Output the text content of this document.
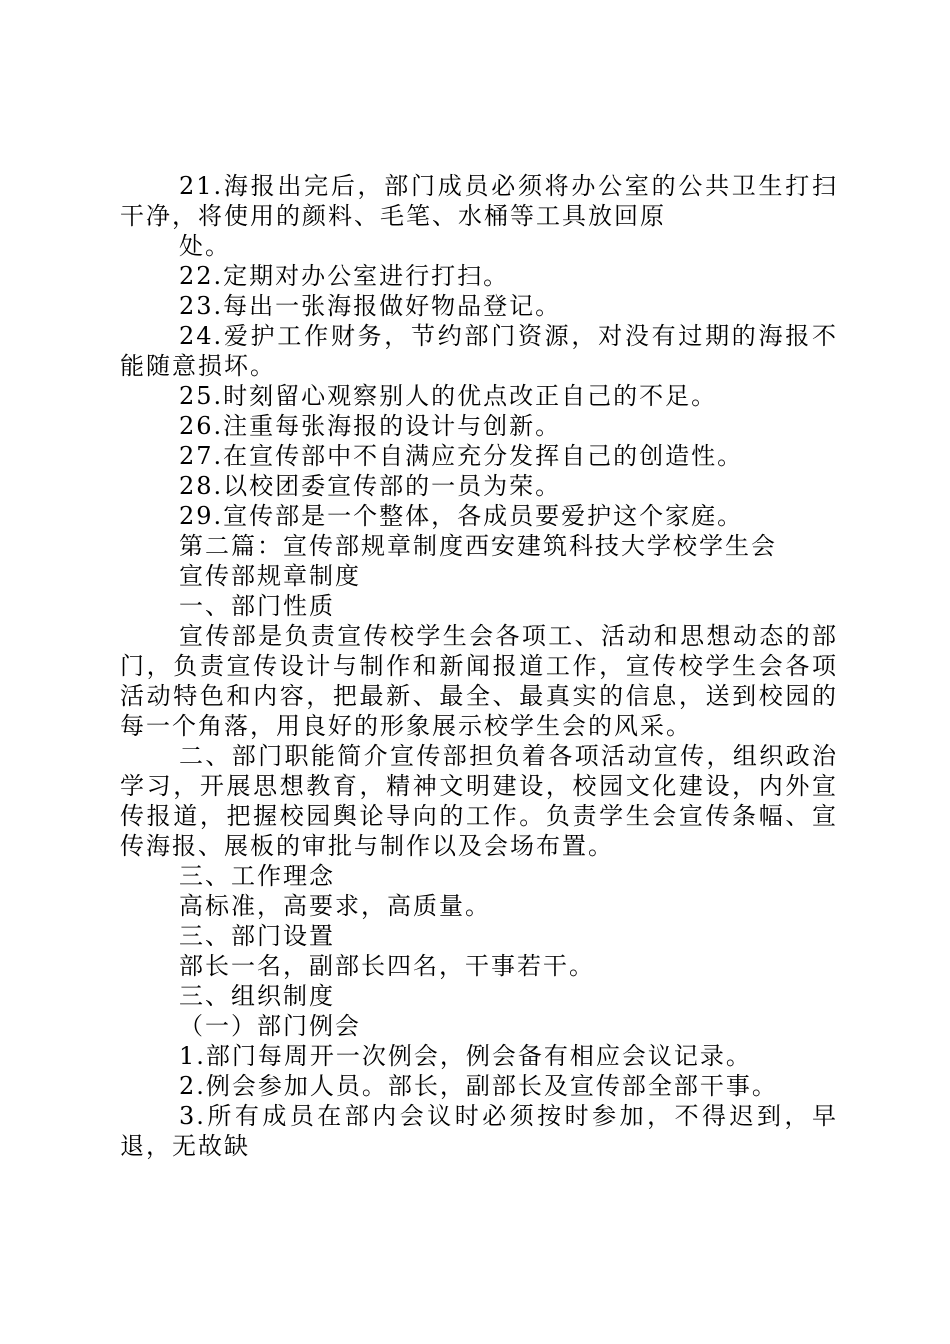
21.海报出完后，部门成员必须将办公室的公共卫生打扫干净，将使用的颜料、毛笔、水桶等工具放回原

处。

22.定期对办公室进行打扫。

23.每出一张海报做好物品登记。

24.爱护工作财务，节约部门资源，对没有过期的海报不能随意损坏。

25.时刻留心观察别人的优点改正自己的不足。

26.注重每张海报的设计与创新。

27.在宣传部中不自满应充分发挥自己的创造性。

28.以校团委宣传部的一员为荣。

29.宣传部是一个整体，各成员要爱护这个家庭。

第二篇：宣传部规章制度西安建筑科技大学校学生会

宣传部规章制度

一、部门性质

宣传部是负责宣传校学生会各项工、活动和思想动态的部门，负责宣传设计与制作和新闻报道工作，宣传校学生会各项活动特色和内容，把最新、最全、最真实的信息，送到校园的每一个角落，用良好的形象展示校学生会的风采。

二、部门职能简介宣传部担负着各项活动宣传，组织政治学习，开展思想教育，精神文明建设，校园文化建设，内外宣传报道，把握校园舆论导向的工作。负责学生会宣传条幅、宣传海报、展板的审批与制作以及会场布置。

三、工作理念

高标准，高要求，高质量。

三、部门设置

部长一名，副部长四名，干事若干。

三、组织制度

（一）部门例会

1.部门每周开一次例会，例会备有相应会议记录。

2.例会参加人员。部长，副部长及宣传部全部干事。

3.所有成员在部内会议时必须按时参加，不得迟到，早退，无故缺
